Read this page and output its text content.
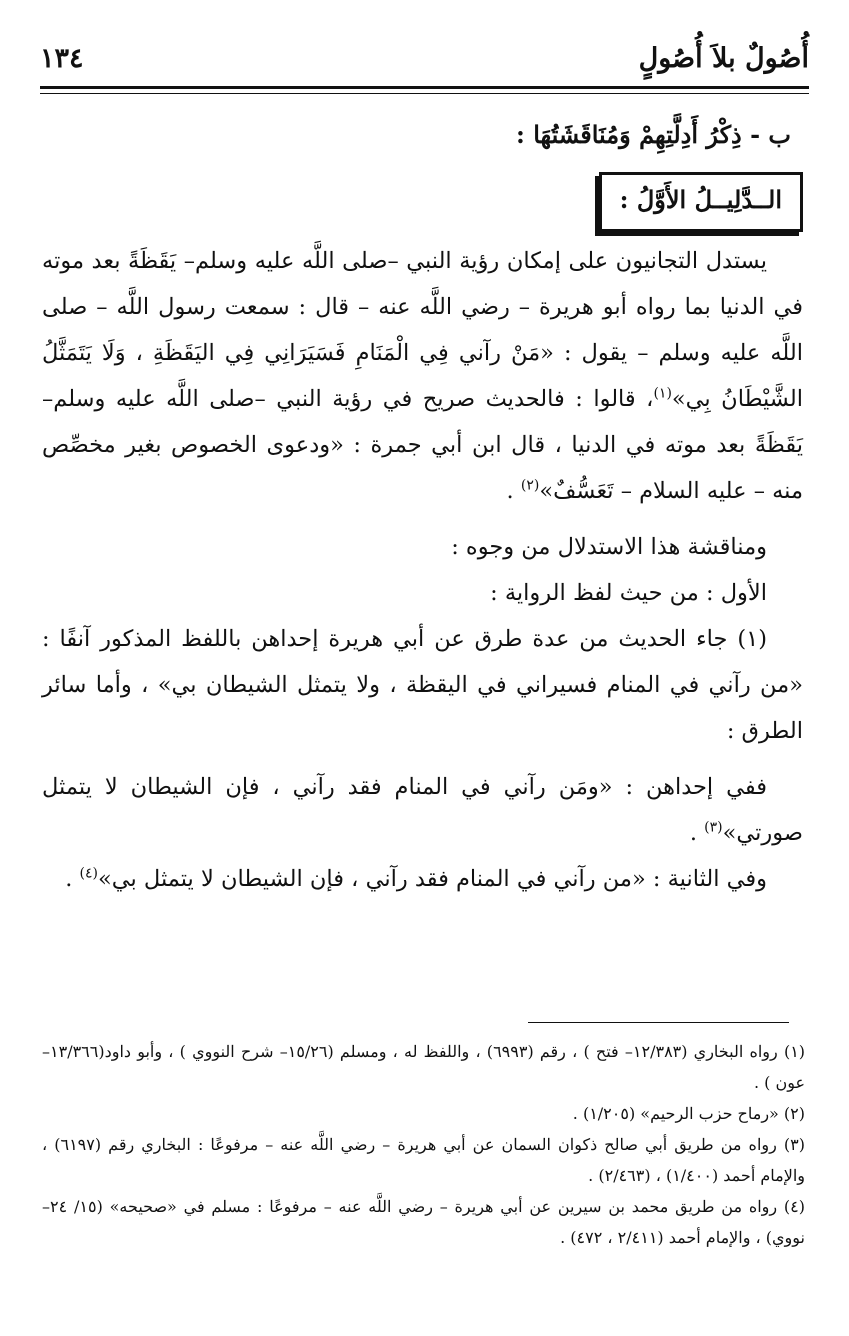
أُصُولٌ بلاَ أُصُولٍ
١٣٤
ب - ذِكْرُ أَدِلَّتِهِمْ وَمُنَاقَشَتُهَا :
الــدَّلِيــلُ الأَوَّلُ :

يستدل التجانيون على إمكان رؤية النبي –صلى اللَّه عليه وسلم– يَقَظَةً بعد موته في الدنيا بما رواه أبو هريرة – رضي اللَّه عنه – قال : سمعت رسول اللَّه – صلى اللَّه عليه وسلم – يقول : «مَنْ رآني فِي الْمَنَامِ فَسَيَرَانِي فِي اليَقَظَةِ ، وَلَا يَتَمَثَّلُ الشَّيْطَانُ بِي»$^{(١)}$، قالوا : فالحديث صريح في رؤية النبي –صلى اللَّه عليه وسلم– يَقَظَةً بعد موته في الدنيا ، قال ابن أبي جمرة : «ودعوى الخصوص بغير مخصِّص منه – عليه السلام – تَعَسُّفٌ»$^{(٢)}$ .

ومناقشة هذا الاستدلال من وجوه :

الأول : من حيث لفظ الرواية :

(١) جاء الحديث من عدة طرق عن أبي هريرة إحداهن باللفظ المذكور آنفًا : «من رآني في المنام فسيراني في اليقظة ، ولا يتمثل الشيطان بي» ، وأما سائر الطرق :

ففي إحداهن : «ومَن رآني في المنام فقد رآني ، فإن الشيطان لا يتمثل صورتي»$^{(٣)}$ .

وفي الثانية : «من رآني في المنام فقد رآني ، فإن الشيطان لا يتمثل بي»$^{(٤)}$ .

(١) رواه البخاري (١٢/٣٨٣– فتح ) ، رقم (٦٩٩٣) ، واللفظ له ، ومسلم (١٥/٢٦– شرح النووي ) ، وأبو داود(١٣/٣٦٦– عون ) .

(٢) «رماح حزب الرحيم» (١/٢٠٥) .

(٣) رواه من طريق أبي صالح ذكوان السمان عن أبي هريرة – رضي اللَّه عنه – مرفوعًا : البخاري رقم (٦١٩٧) ، والإمام أحمد (١/٤٠٠) ، (٢/٤٦٣) .

(٤) رواه من طريق محمد بن سيرين عن أبي هريرة – رضي اللَّه عنه – مرفوعًا : مسلم في «صحيحه» (١٥/ ٢٤– نووي) ، والإمام أحمد (٢/٤١١ ، ٤٧٢) .
